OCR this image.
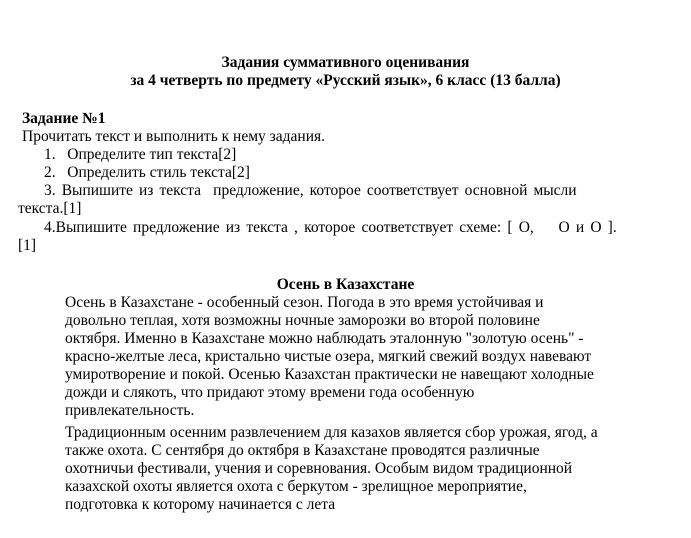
Задания суммативного оценивания
за 4 четверть по предмету «Русский язык», 6 класс (13 балла)
Задание №1
Прочитать текст и выполнить к нему задания.
1.   Определите тип текста[2]
2.   Определить стиль текста[2]
3. Выпишите из текста  предложение, которое соответствует основной мысли
текста.[1]
4.Выпишите предложение из текста , которое соответствует схеме: [ О,    О и О ].
[1]
Осень в Казахстане
Осень в Казахстане - особенный сезон. Погода в это время устойчивая и
довольно теплая, хотя возможны ночные заморозки во второй половине
октября. Именно в Казахстане можно наблюдать эталонную "золотую осень" -
красно-желтые леса, кристально чистые озера, мягкий свежий воздух навевают
умиротворение и покой. Осенью Казахстан практически не навещают холодные
дожди и слякоть, что придают этому времени года особенную
привлекательность.
Традиционным осенним развлечением для казахов является сбор урожая, ягод, а
также охота. С сентября до октября в Казахстане проводятся различные
охотничьи фестивали, учения и соревнования. Особым видом традиционной
казахской охоты является охота с беркутом - зрелищное мероприятие,
подготовка к которому начинается с лета
